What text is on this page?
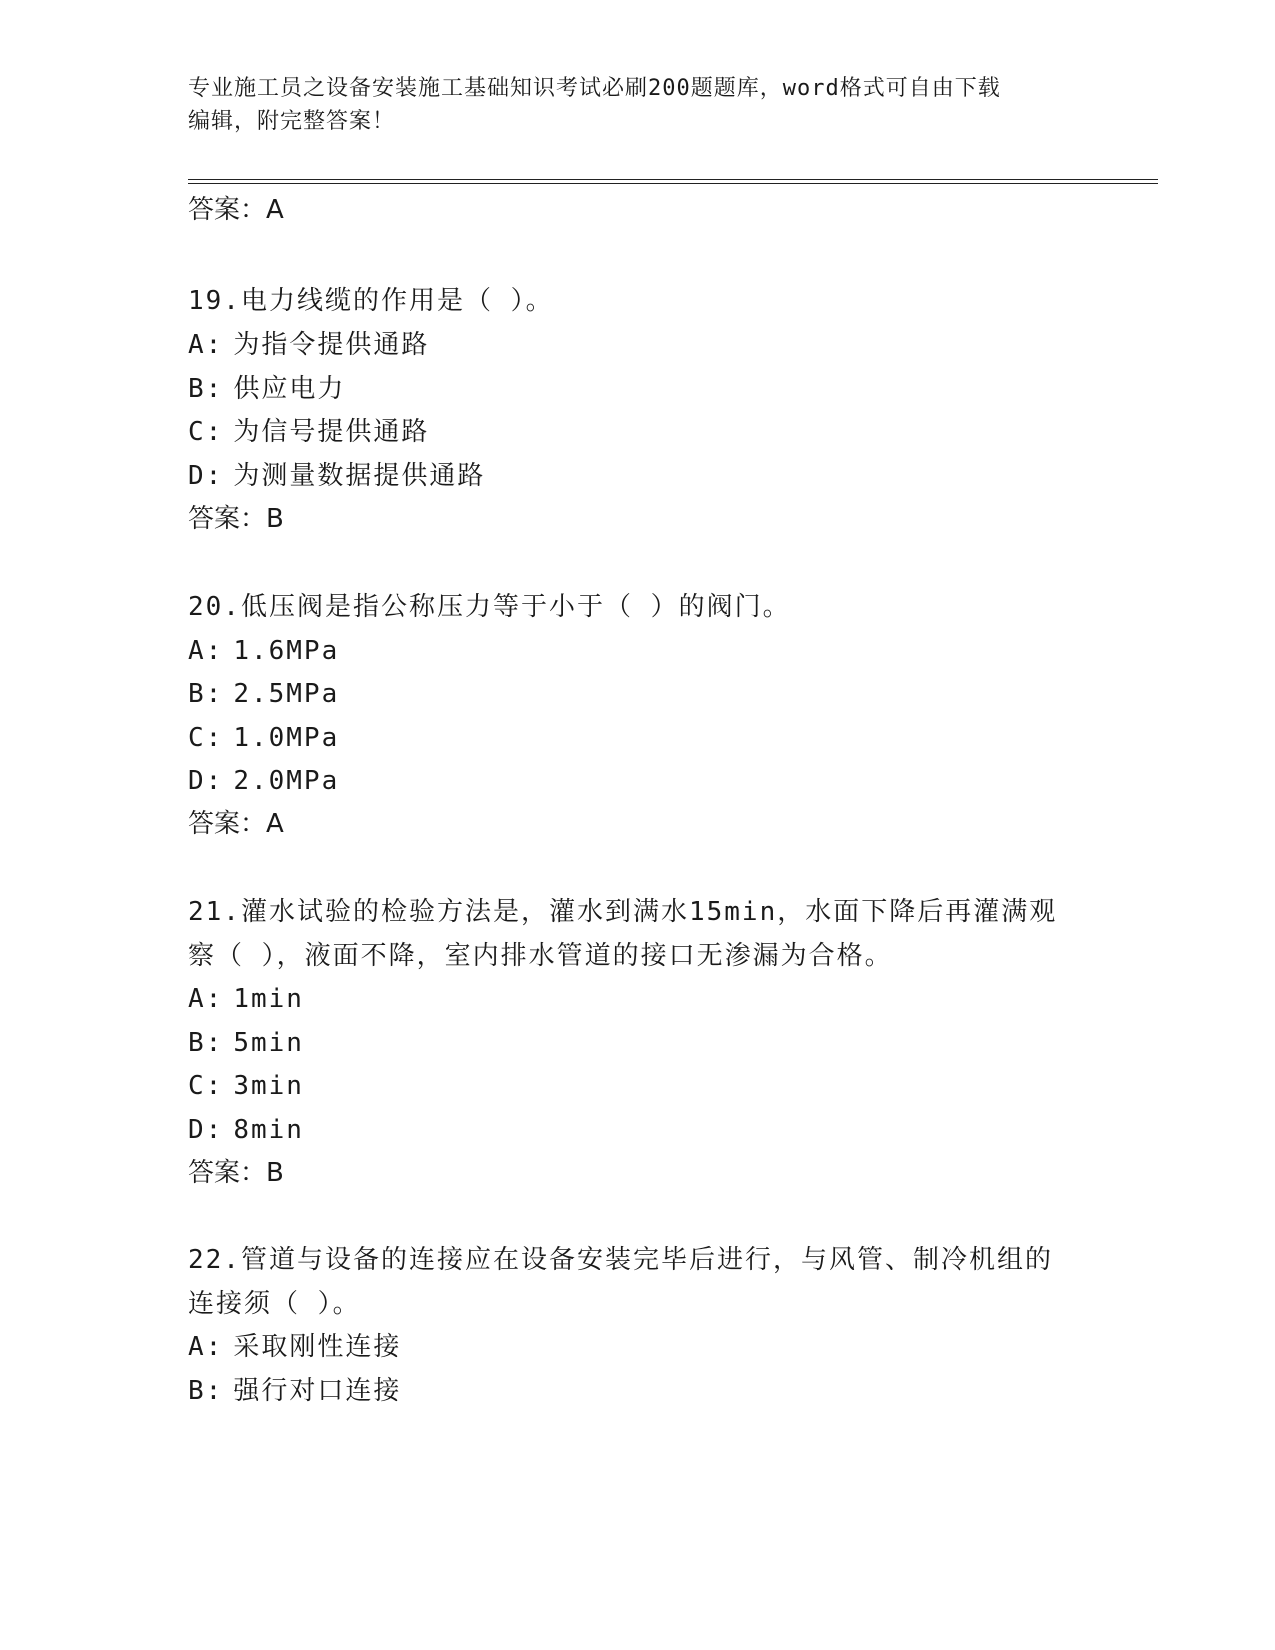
专业施工员之设备安装施工基础知识考试必刷200题题库，word格式可自由下载
编辑，附完整答案！
答案：A
19.电力线缆的作用是（ ）。
A: 为指令提供通路
B: 供应电力
C: 为信号提供通路
D: 为测量数据提供通路
答案：B
20.低压阀是指公称压力等于小于（ ）的阀门。
A: 1.6MPa
B: 2.5MPa
C: 1.0MPa
D: 2.0MPa
答案：A
21.灌水试验的检验方法是，灌水到满水15min，水面下降后再灌满观
察（ ），液面不降，室内排水管道的接口无渗漏为合格。
A: 1min
B: 5min
C: 3min
D: 8min
答案：B
22.管道与设备的连接应在设备安装完毕后进行，与风管、制冷机组的
连接须（ ）。
A: 采取刚性连接
B: 强行对口连接
